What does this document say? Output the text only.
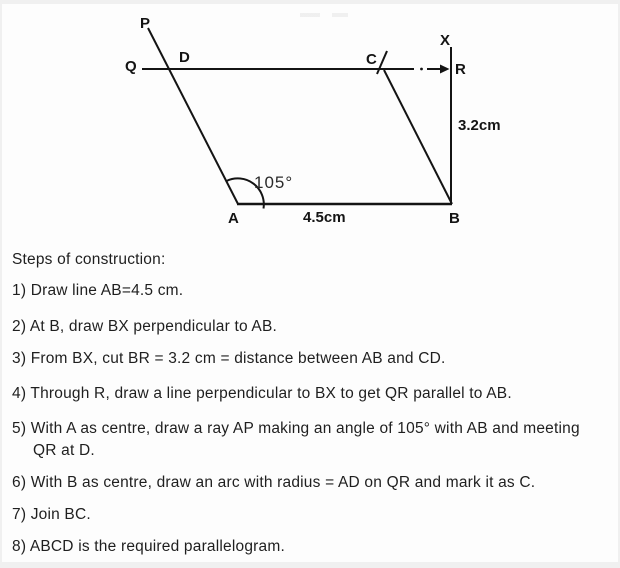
P
Q
D	C
X
R
A	B
105°
4.5cm
3.2cm
Steps of construction:
1) Draw line AB=4.5 cm.
2) At B, draw BX perpendicular to AB.
3) From BX, cut BR = 3.2 cm = distance between AB and CD.
4) Through R, draw a line perpendicular to BX to get QR parallel to AB.
5) With A as centre, draw a ray AP making an angle of 105° with AB and meeting
QR at D.
6) With B as centre, draw an arc with radius = AD on QR and mark it as C.
7) Join BC.
8) ABCD is the required parallelogram.
